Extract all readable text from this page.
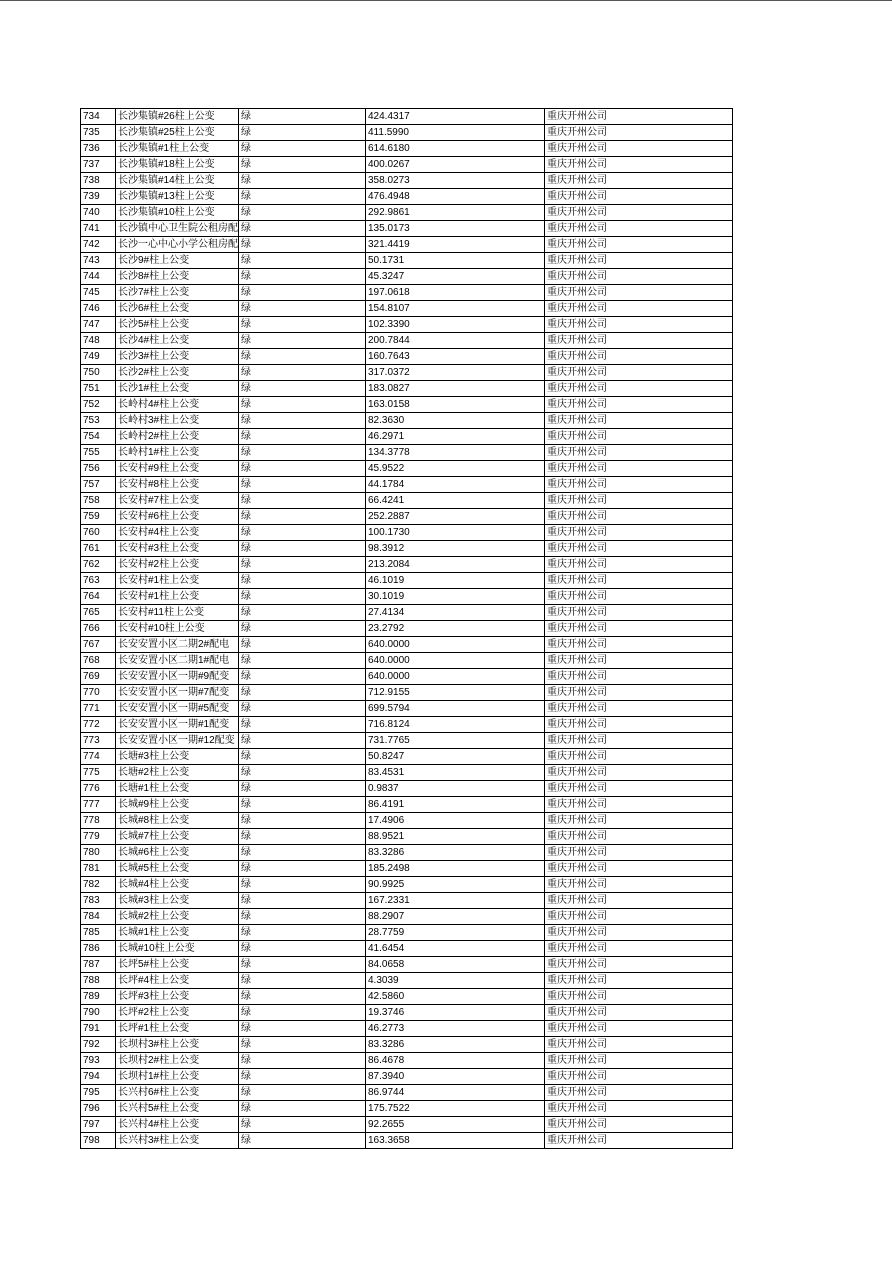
734	长沙集镇#26柱上公变	绿	424.4317	重庆开州公司
735	长沙集镇#25柱上公变	绿	411.5990	重庆开州公司
736	长沙集镇#1柱上公变	绿	614.6180	重庆开州公司
737	长沙集镇#18柱上公变	绿	400.0267	重庆开州公司
738	长沙集镇#14柱上公变	绿	358.0273	重庆开州公司
739	长沙集镇#13柱上公变	绿	476.4948	重庆开州公司
740	长沙集镇#10柱上公变	绿	292.9861	重庆开州公司
741	长沙镇中心卫生院公租房配	绿	135.0173	重庆开州公司
742	长沙一心中心小学公租房配	绿	321.4419	重庆开州公司
743	长沙9#柱上公变	绿	50.1731	重庆开州公司
744	长沙8#柱上公变	绿	45.3247	重庆开州公司
745	长沙7#柱上公变	绿	197.0618	重庆开州公司
746	长沙6#柱上公变	绿	154.8107	重庆开州公司
747	长沙5#柱上公变	绿	102.3390	重庆开州公司
748	长沙4#柱上公变	绿	200.7844	重庆开州公司
749	长沙3#柱上公变	绿	160.7643	重庆开州公司
750	长沙2#柱上公变	绿	317.0372	重庆开州公司
751	长沙1#柱上公变	绿	183.0827	重庆开州公司
752	长岭村4#柱上公变	绿	163.0158	重庆开州公司
753	长岭村3#柱上公变	绿	82.3630	重庆开州公司
754	长岭村2#柱上公变	绿	46.2971	重庆开州公司
755	长岭村1#柱上公变	绿	134.3778	重庆开州公司
756	长安村#9柱上公变	绿	45.9522	重庆开州公司
757	长安村#8柱上公变	绿	44.1784	重庆开州公司
758	长安村#7柱上公变	绿	66.4241	重庆开州公司
759	长安村#6柱上公变	绿	252.2887	重庆开州公司
760	长安村#4柱上公变	绿	100.1730	重庆开州公司
761	长安村#3柱上公变	绿	98.3912	重庆开州公司
762	长安村#2柱上公变	绿	213.2084	重庆开州公司
763	长安村#1柱上公变	绿	46.1019	重庆开州公司
764	长安村#1柱上公变	绿	30.1019	重庆开州公司
765	长安村#11柱上公变	绿	27.4134	重庆开州公司
766	长安村#10柱上公变	绿	23.2792	重庆开州公司
767	长安安置小区二期2#配电	绿	640.0000	重庆开州公司
768	长安安置小区二期1#配电	绿	640.0000	重庆开州公司
769	长安安置小区一期#9配变	绿	640.0000	重庆开州公司
770	长安安置小区一期#7配变	绿	712.9155	重庆开州公司
771	长安安置小区一期#5配变	绿	699.5794	重庆开州公司
772	长安安置小区一期#1配变	绿	716.8124	重庆开州公司
773	长安安置小区一期#12配变	绿	731.7765	重庆开州公司
774	长塘#3柱上公变	绿	50.8247	重庆开州公司
775	长塘#2柱上公变	绿	83.4531	重庆开州公司
776	长塘#1柱上公变	绿	0.9837	重庆开州公司
777	长城#9柱上公变	绿	86.4191	重庆开州公司
778	长城#8柱上公变	绿	17.4906	重庆开州公司
779	长城#7柱上公变	绿	88.9521	重庆开州公司
780	长城#6柱上公变	绿	83.3286	重庆开州公司
781	长城#5柱上公变	绿	185.2498	重庆开州公司
782	长城#4柱上公变	绿	90.9925	重庆开州公司
783	长城#3柱上公变	绿	167.2331	重庆开州公司
784	长城#2柱上公变	绿	88.2907	重庆开州公司
785	长城#1柱上公变	绿	28.7759	重庆开州公司
786	长城#10柱上公变	绿	41.6454	重庆开州公司
787	长坪5#柱上公变	绿	84.0658	重庆开州公司
788	长坪#4柱上公变	绿	4.3039	重庆开州公司
789	长坪#3柱上公变	绿	42.5860	重庆开州公司
790	长坪#2柱上公变	绿	19.3746	重庆开州公司
791	长坪#1柱上公变	绿	46.2773	重庆开州公司
792	长坝村3#柱上公变	绿	83.3286	重庆开州公司
793	长坝村2#柱上公变	绿	86.4678	重庆开州公司
794	长坝村1#柱上公变	绿	87.3940	重庆开州公司
795	长兴村6#柱上公变	绿	86.9744	重庆开州公司
796	长兴村5#柱上公变	绿	175.7522	重庆开州公司
797	长兴村4#柱上公变	绿	92.2655	重庆开州公司
798	长兴村3#柱上公变	绿	163.3658	重庆开州公司
